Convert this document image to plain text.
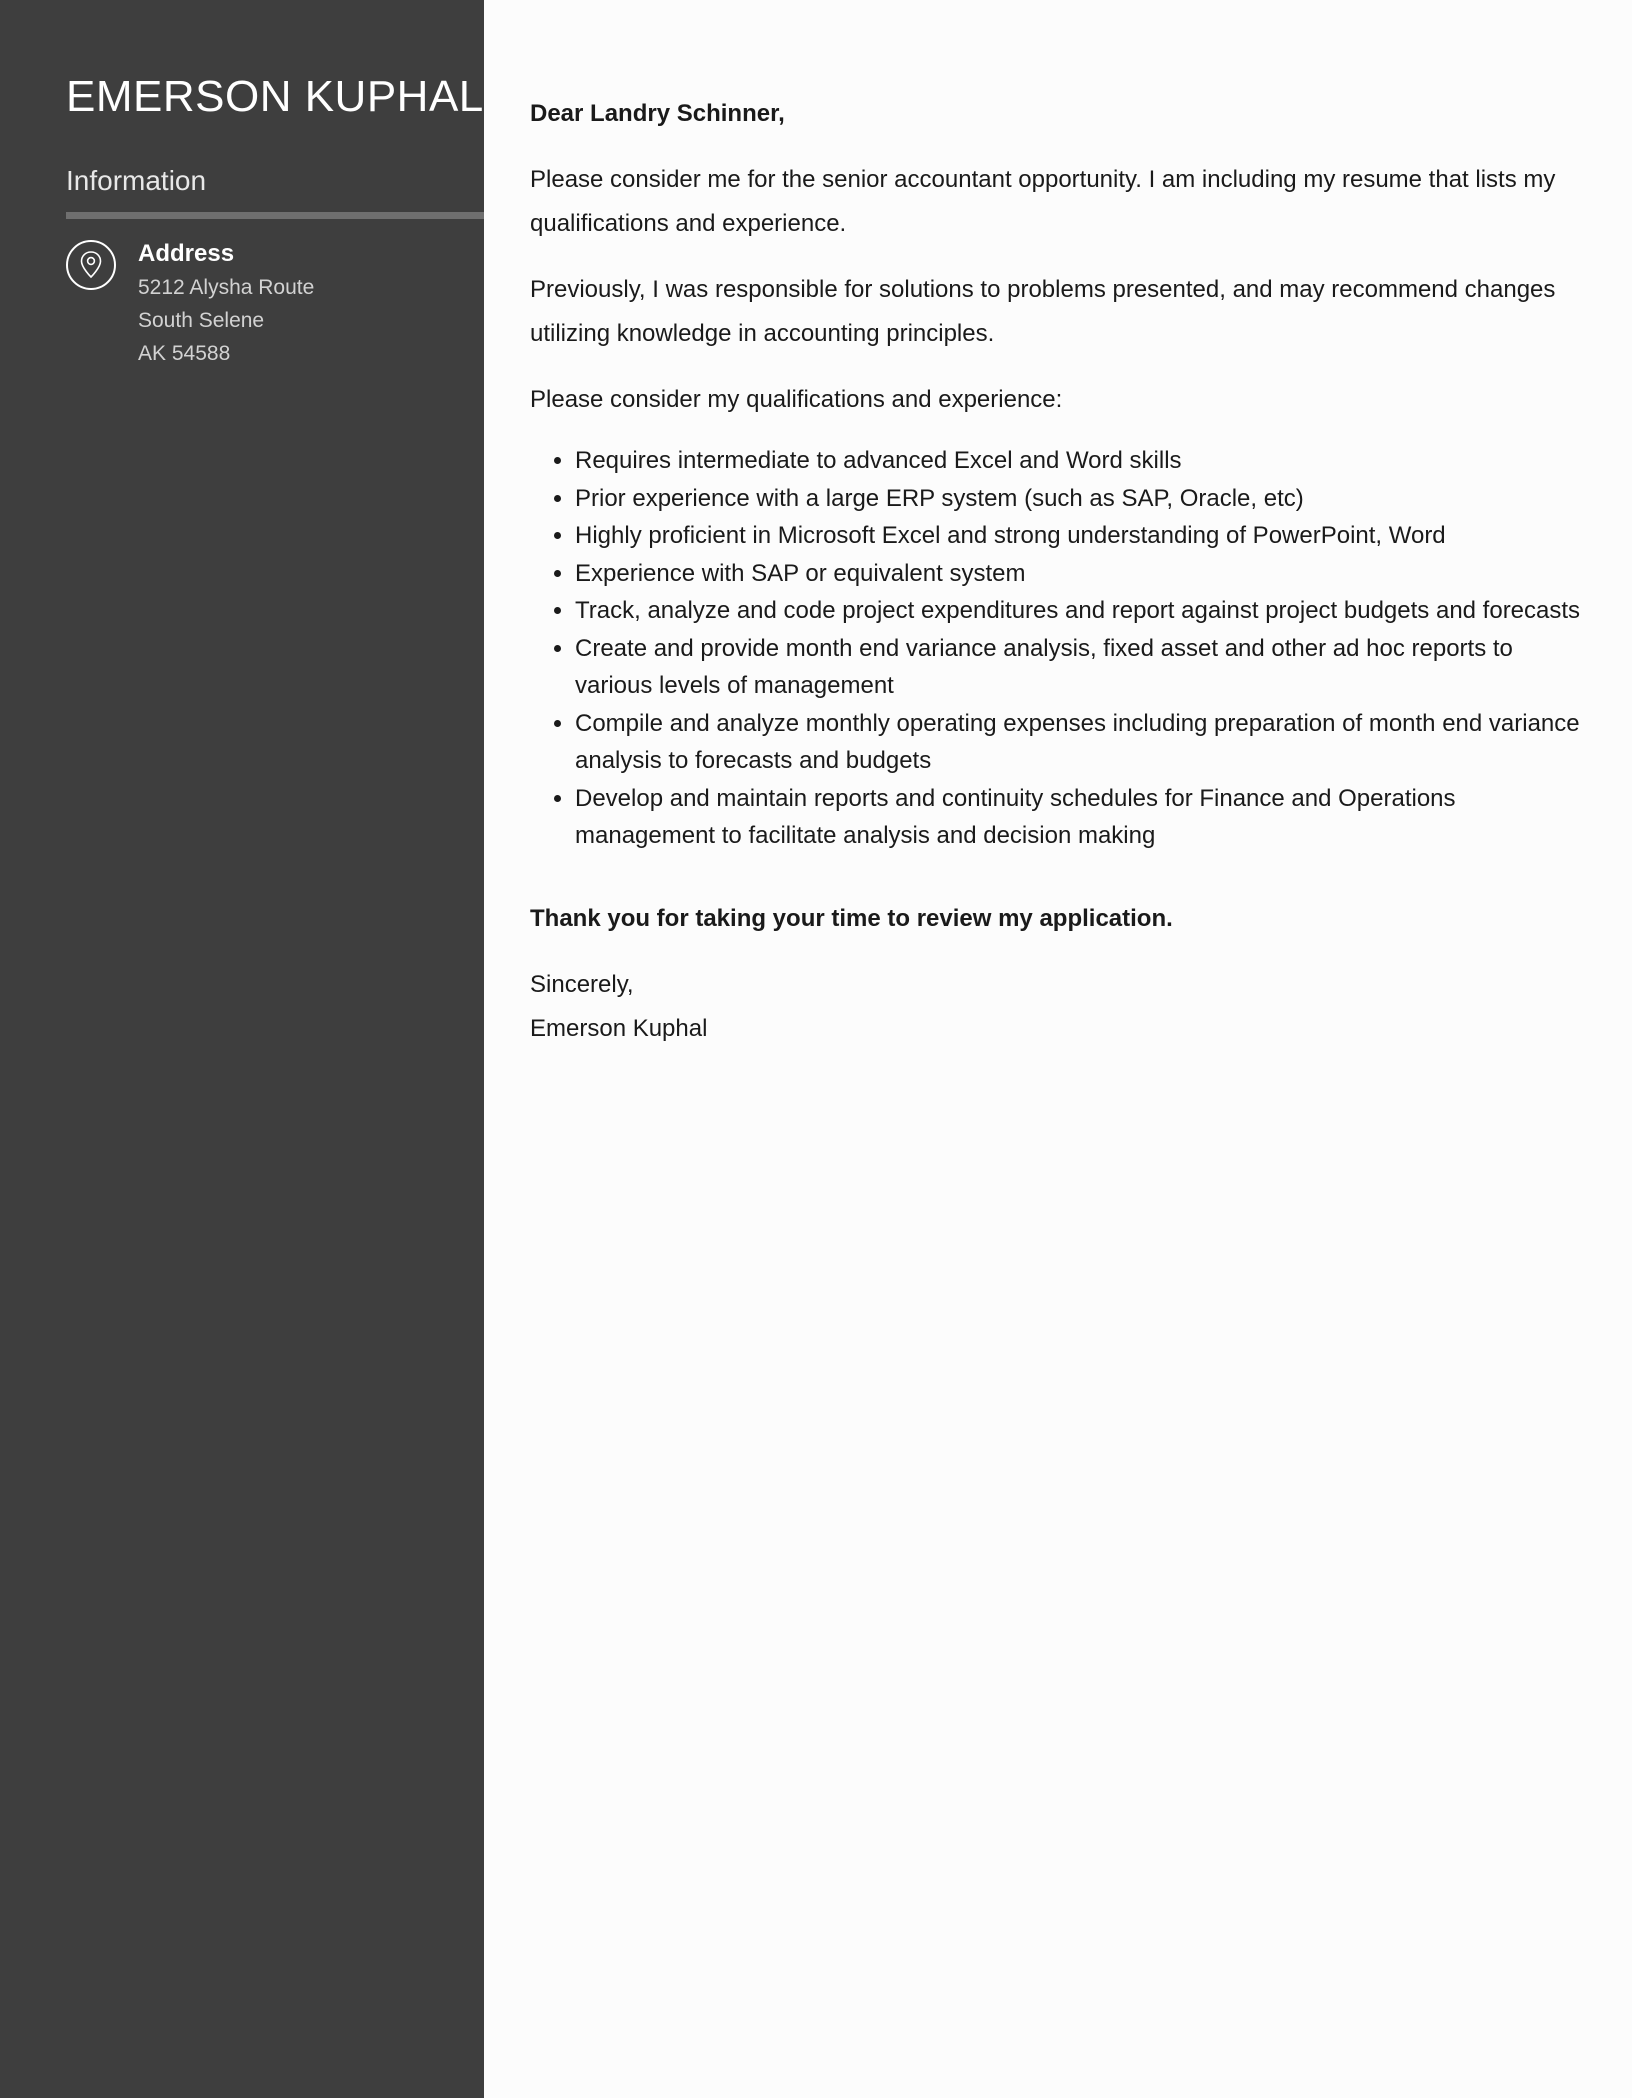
EMERSON KUPHAL
Information
Address
5212 Alysha Route
South Selene
AK 54588

Dear Landry Schinner,

Please consider me for the senior accountant opportunity. I am including my resume that lists my qualifications and experience.

Previously, I was responsible for solutions to problems presented, and may recommend changes utilizing knowledge in accounting principles.

Please consider my qualifications and experience:

• Requires intermediate to advanced Excel and Word skills
• Prior experience with a large ERP system (such as SAP, Oracle, etc)
• Highly proficient in Microsoft Excel and strong understanding of PowerPoint, Word
• Experience with SAP or equivalent system
• Track, analyze and code project expenditures and report against project budgets and forecasts
• Create and provide month end variance analysis, fixed asset and other ad hoc reports to various levels of management
• Compile and analyze monthly operating expenses including preparation of month end variance analysis to forecasts and budgets
• Develop and maintain reports and continuity schedules for Finance and Operations management to facilitate analysis and decision making

Thank you for taking your time to review my application.

Sincerely,

Emerson Kuphal
